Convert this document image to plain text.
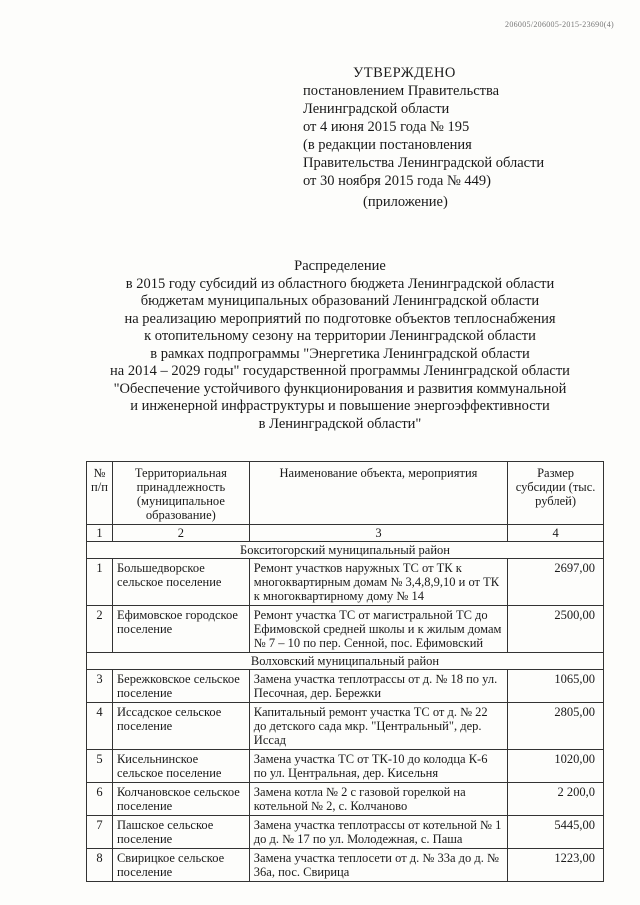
206005/206005-2015-23690(4)
УТВЕРЖДЕНО
постановлением Правительства
Ленинградской области
от 4 июня 2015 года № 195
(в редакции постановления
Правительства Ленинградской области
от 30 ноября 2015 года № 449)
(приложение)
Распределение
в 2015 году субсидий из областного бюджета Ленинградской области
бюджетам муниципальных образований Ленинградской области
на реализацию мероприятий по подготовке объектов теплоснабжения
к отопительному сезону на территории Ленинградской области
в рамках подпрограммы "Энергетика Ленинградской области
на 2014 – 2029 годы" государственной программы Ленинградской области
"Обеспечение устойчивого функционирования и развития коммунальной
и инженерной инфраструктуры и повышение энергоэффективности
в Ленинградской области"
№ п/п	Территориальная принадлежность (муниципальное образование)	Наименование объекта, мероприятия	Размер субсидии (тыс. рублей)
1	2	3	4
Бокситогорский муниципальный район			
1	Большедворское сельское поселение	Ремонт участков наружных ТС от ТК к многоквартирным домам № 3,4,8,9,10 и от ТК к многоквартирному дому № 14	2697,00
2	Ефимовское городское поселение	Ремонт участка ТС от магистральной ТС до Ефимовской средней школы и к жилым домам № 7 – 10 по пер. Сенной, пос. Ефимовский	2500,00
Волховский муниципальный район			
3	Бережковское сельское поселение	Замена участка теплотрассы от д. № 18 по ул. Песочная, дер. Бережки	1065,00
4	Иссадское сельское поселение	Капитальный ремонт участка ТС от д. № 22 до детского сада мкр. "Центральный", дер. Иссад	2805,00
5	Кисельнинское сельское поселение	Замена участка ТС от ТК-10 до колодца К-6 по ул. Центральная, дер. Кисельня	1020,00
6	Колчановское сельское поселение	Замена котла № 2 с газовой горелкой на котельной № 2, с. Колчаново	2 200,0
7	Пашское сельское поселение	Замена участка теплотрассы от котельной № 1 до д. № 17 по ул. Молодежная, с. Паша	5445,00
8	Свирицкое сельское поселение	Замена участка теплосети от д. № 33а до д. № 36а, пос. Свирица	1223,00
